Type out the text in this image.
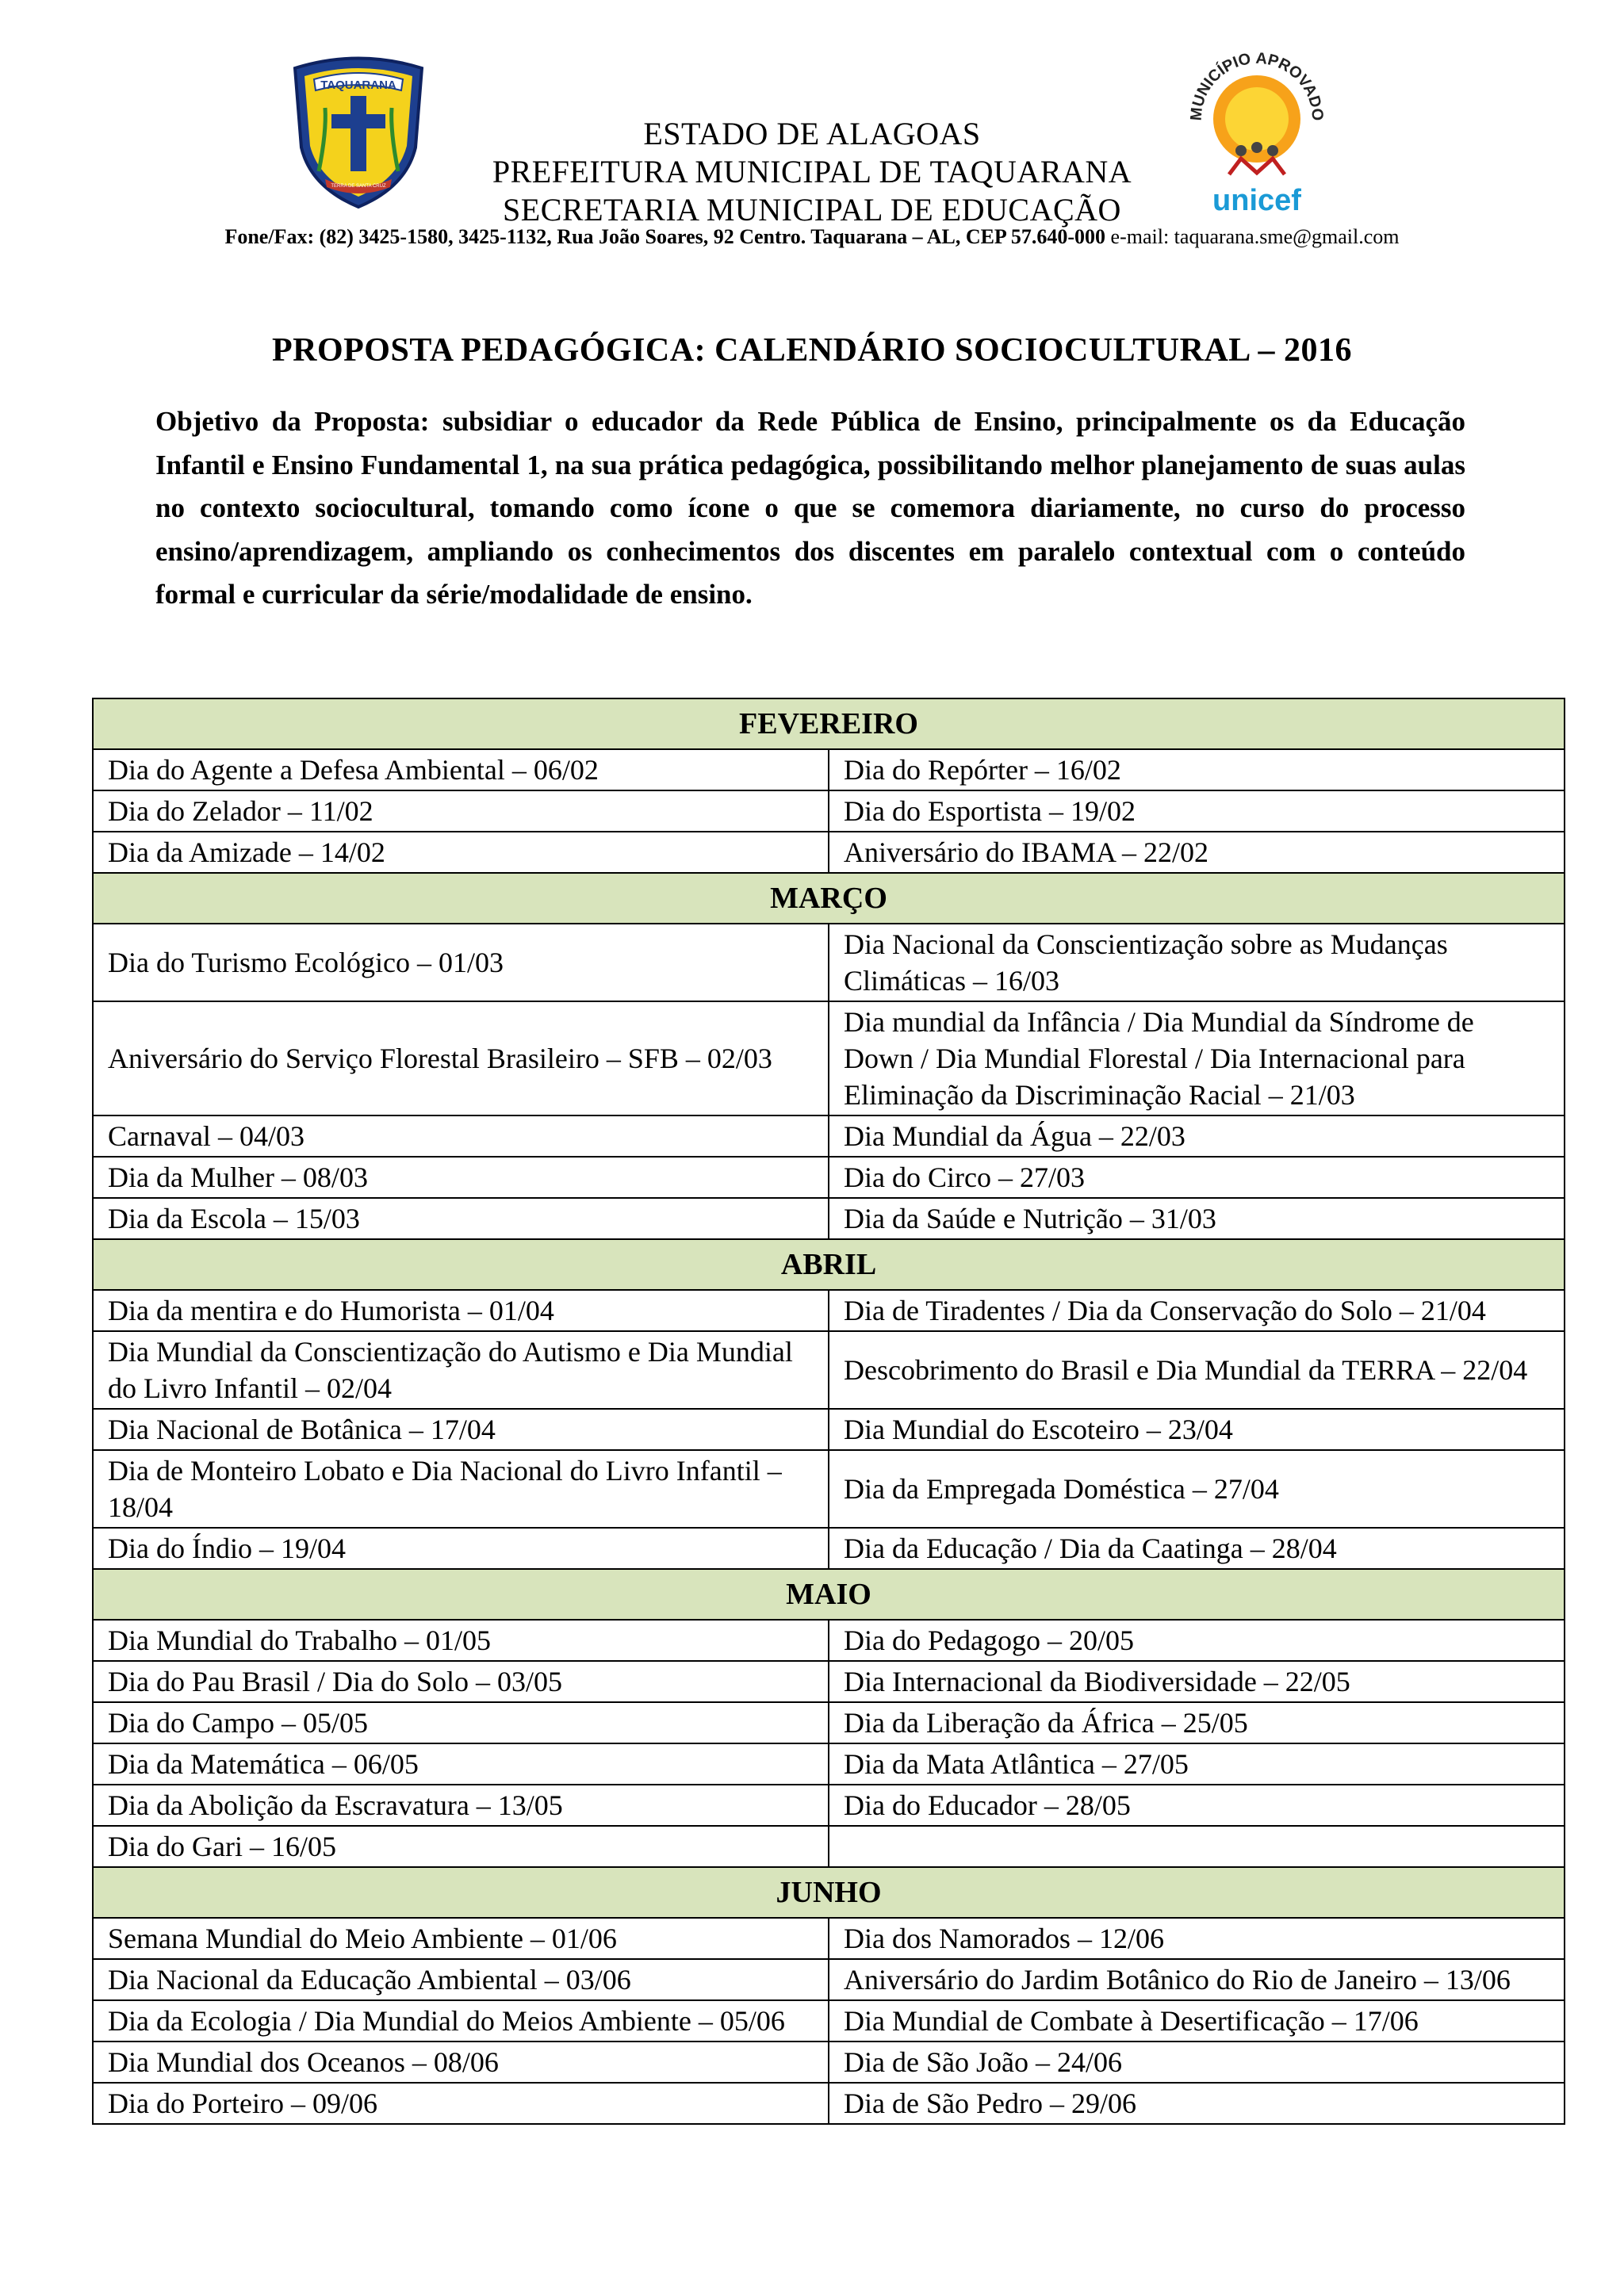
TAQUARANA
TERRA DE SANTA CRUZ
MUNICÍPIO APROVADO
unicef
ESTADO DE ALAGOAS
PREFEITURA MUNICIPAL DE TAQUARANA
SECRETARIA MUNICIPAL DE EDUCAÇÃO
Fone/Fax: (82) 3425-1580, 3425-1132, Rua João Soares, 92 Centro. Taquarana – AL, CEP 57.640-000 e-mail: taquarana.sme@gmail.com
PROPOSTA PEDAGÓGICA: CALENDÁRIO SOCIOCULTURAL – 2016

Objetivo da Proposta: subsidiar o educador da Rede Pública de Ensino, principalmente os da Educação Infantil e Ensino Fundamental 1, na sua prática pedagógica, possibilitando melhor planejamento de suas aulas no contexto sociocultural, tomando como ícone o que se comemora diariamente, no curso do processo ensino/aprendizagem, ampliando os conhecimentos dos discentes em paralelo contextual com o conteúdo formal e curricular da série/modalidade de ensino.

FEVEREIRO	
Dia do Agente a Defesa Ambiental – 06/02	Dia do Repórter – 16/02
Dia do Zelador – 11/02	Dia do Esportista – 19/02
Dia da Amizade – 14/02	Aniversário do IBAMA – 22/02
MARÇO	
Dia do Turismo Ecológico – 01/03	Dia Nacional da Conscientização sobre as Mudanças Climáticas – 16/03
Aniversário do Serviço Florestal Brasileiro – SFB – 02/03	Dia mundial da Infância / Dia Mundial da Síndrome de Down / Dia Mundial Florestal / Dia Internacional para Eliminação da Discriminação Racial – 21/03
Carnaval – 04/03	Dia Mundial da Água – 22/03
Dia da Mulher – 08/03	Dia do Circo – 27/03
Dia da Escola – 15/03	Dia da Saúde e Nutrição – 31/03
ABRIL	
Dia da mentira e do Humorista – 01/04	Dia de Tiradentes / Dia da Conservação do Solo – 21/04
Dia Mundial da Conscientização do Autismo e Dia Mundial do Livro Infantil – 02/04	Descobrimento do Brasil e Dia Mundial da TERRA – 22/04
Dia Nacional de Botânica – 17/04	Dia Mundial do Escoteiro – 23/04
Dia de Monteiro Lobato e Dia Nacional do Livro Infantil – 18/04	Dia da Empregada Doméstica – 27/04
Dia do Índio – 19/04	Dia da Educação / Dia da Caatinga – 28/04
MAIO	
Dia Mundial do Trabalho – 01/05	Dia do Pedagogo – 20/05
Dia do Pau Brasil / Dia do Solo – 03/05	Dia Internacional da Biodiversidade – 22/05
Dia do Campo – 05/05	Dia da Liberação da África – 25/05
Dia da Matemática – 06/05	Dia da Mata Atlântica – 27/05
Dia da Abolição da Escravatura – 13/05	Dia do Educador – 28/05
Dia do Gari – 16/05	
JUNHO	
Semana Mundial do Meio Ambiente – 01/06	Dia dos Namorados – 12/06
Dia Nacional da Educação Ambiental – 03/06	Aniversário do Jardim Botânico do Rio de Janeiro – 13/06
Dia da Ecologia / Dia Mundial do Meios Ambiente – 05/06	Dia Mundial de Combate à Desertificação – 17/06
Dia Mundial dos Oceanos – 08/06	Dia de São João – 24/06
Dia do Porteiro – 09/06	Dia de São Pedro – 29/06
